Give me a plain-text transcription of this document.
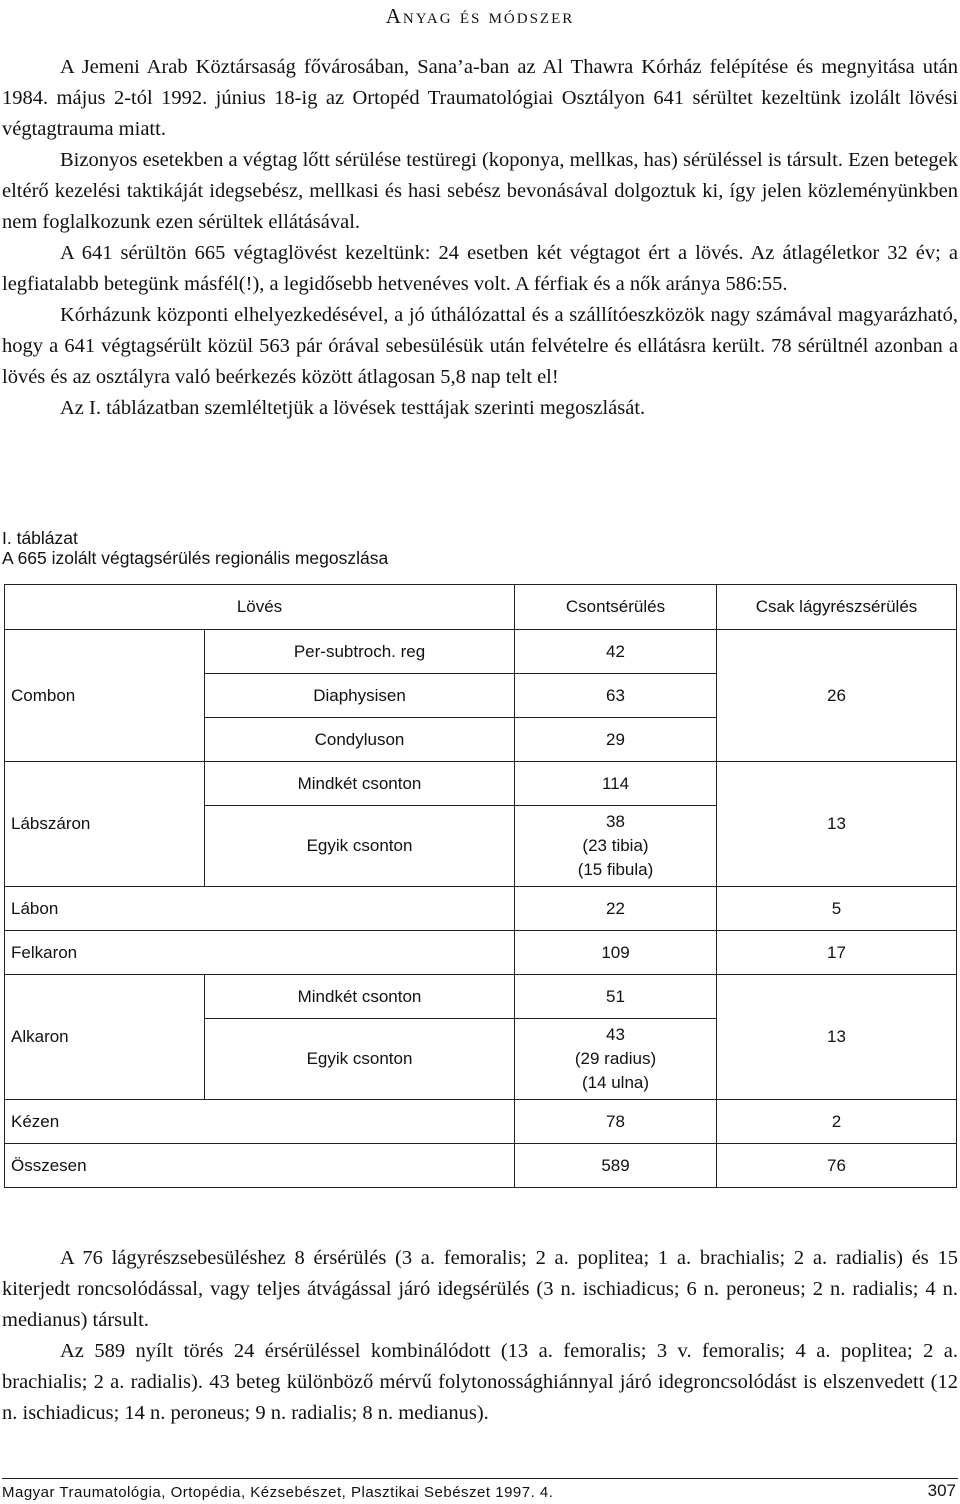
Anyag és módszer

A Jemeni Arab Köztársaság fővárosában, Sana’a-ban az Al Thawra Kórház felépítése és megnyitása után 1984. május 2-tól 1992. június 18-ig az Ortopéd Traumatológiai Osztályon 641 sérültet kezeltünk izolált lövési végtagtrauma miatt.

Bizonyos esetekben a végtag lőtt sérülése testüregi (koponya, mellkas, has) sérüléssel is társult. Ezen betegek eltérő kezelési taktikáját idegsebész, mellkasi és hasi sebész bevonásával dolgoztuk ki, így jelen közleményünkben nem foglalkozunk ezen sérültek ellátásával.

A 641 sérültön 665 végtaglövést kezeltünk: 24 esetben két végtagot ért a lövés. Az átlagéletkor 32 év; a legfiatalabb betegünk másfél(!), a legidősebb hetvenéves volt. A férfiak és a nők aránya 586:55.

Kórházunk központi elhelyezkedésével, a jó úthálózattal és a szállítóeszközök nagy számával magyarázható, hogy a 641 végtagsérült közül 563 pár órával sebesülésük után felvételre és ellátásra került. 78 sérültnél azonban a lövés és az osztályra való beérkezés között átlagosan 5,8 nap telt el!

Az I. táblázatban szemléltetjük a lövések testtájak szerinti megoszlását.

I. táblázat
A 665 izolált végtagsérülés regionális megoszlása
Lövés		Csontsérülés	Csak lágyrészsérülés
Combon	Per-subtroch. reg	42	26
	Diaphysisen	63	
	Condyluson	29	
Lábszáron	Mindkét csonton	114	13
	Egyik csonton	38
(23 tibia)
(15 fibula)	

Lábon		22	5
Felkaron		109	17
Alkaron	Mindkét csonton	51	13
	Egyik csonton	43
(29 radius)
(14 ulna)	

Kézen		78	2
Összesen		589	76

A 76 lágyrészsebesüléshez 8 érsérülés (3 a. femoralis; 2 a. poplitea; 1 a. brachialis; 2 a. radialis) és 15 kiterjedt roncsolódással, vagy teljes átvágással járó idegsérülés (3 n. ischiadicus; 6 n. peroneus; 2 n. radialis; 4 n. medianus) társult.

Az 589 nyílt törés 24 érsérüléssel kombinálódott (13 a. femoralis; 3 v. femoralis; 4 a. poplitea; 2 a. brachialis; 2 a. radialis). 43 beteg különböző mérvű folytonossághiánnyal járó idegroncsolódást is elszenvedett (12 n. ischiadicus; 14 n. peroneus; 9 n. radialis; 8 n. medianus).

Magyar Traumatológia, Ortopédia, Kézsebészet, Plasztikai Sebészet 1997. 4.	307
